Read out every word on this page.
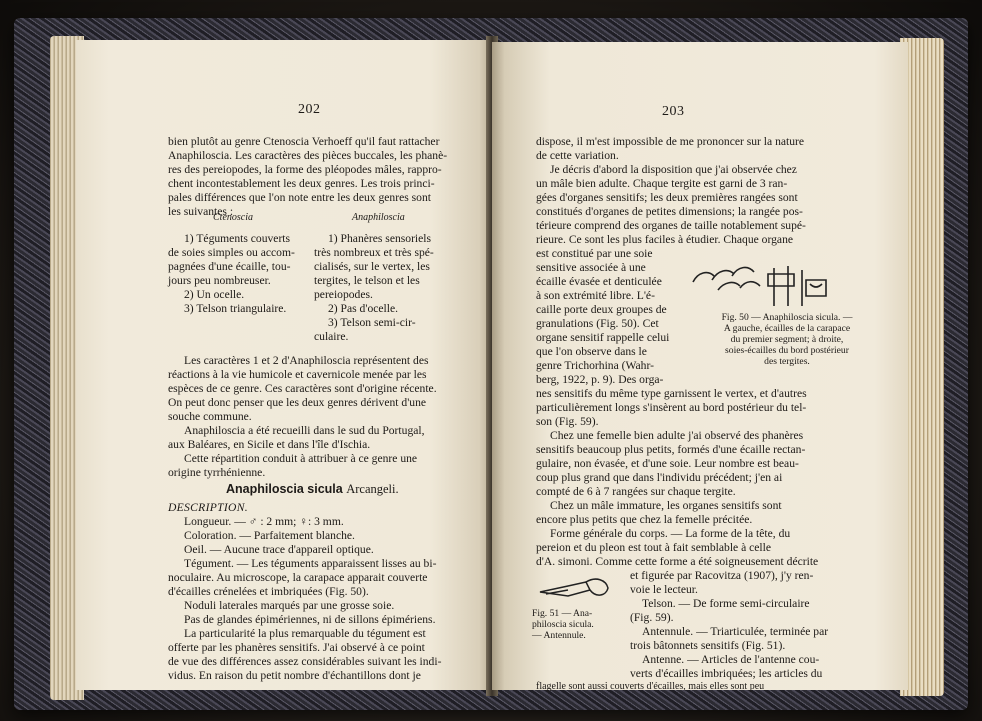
202
bien plutôt au genre Ctenoscia Verhoeff qu'il faut rattacher
Anaphiloscia. Les caractères des pièces buccales, les phanè-
res des pereiopodes, la forme des pléopodes mâles, rappro-
chent incontestablement les deux genres. Les trois princi-
pales différences que l'on note entre les deux genres sont
les suivantes :
Ctenoscia	Anaphiloscia
1) Téguments couverts
de soies simples ou accom-
pagnées d'une écaille, tou-
jours peu nombreuser.
2) Un ocelle.
3) Telson triangulaire.
1) Phanères sensoriels
très nombreux et très spé-
cialisés, sur le vertex, les
tergites, le telson et les
pereiopodes.
2) Pas d'ocelle.
3) Telson semi-cir-
culaire.
Les caractères 1 et 2 d'Anaphiloscia représentent des
réactions à la vie humicole et cavernicole menée par les
espèces de ce genre. Ces caractères sont d'origine récente.
On peut donc penser que les deux genres dérivent d'une
souche commune.
Anaphiloscia a été recueilli dans le sud du Portugal,
aux Baléares, en Sicile et dans l'île d'Ischia.
Cette répartition conduit à attribuer à ce genre une
origine tyrrhénienne.
Anaphiloscia sicula Arcangeli.
DESCRIPTION.
Longueur. — ♂ : 2 mm; ♀: 3 mm.
Coloration. — Parfaitement blanche.
Oeil. — Aucune trace d'appareil optique.
Tégument. — Les téguments apparaissent lisses au bi-
noculaire. Au microscope, la carapace apparait couverte
d'écailles crénelées et imbriquées (Fig. 50).
Noduli laterales marqués par une grosse soie.
Pas de glandes épimériennes, ni de sillons épimériens.
La particularité la plus remarquable du tégument est
offerte par les phanères sensitifs. J'ai observé à ce point
de vue des différences assez considérables suivant les indi-
vidus. En raison du petit nombre d'échantillons dont je
203
dispose, il m'est impossible de me prononcer sur la nature
de cette variation.
Je décris d'abord la disposition que j'ai observée chez
un mâle bien adulte. Chaque tergite est garni de 3 ran-
gées d'organes sensitifs; les deux premières rangées sont
constitués d'organes de petites dimensions; la rangée pos-
térieure comprend des organes de taille notablement supé-
rieure. Ce sont les plus faciles à étudier. Chaque organe
est constitué par une soie
sensitive associée à une
écaille évasée et denticulée
à son extrémité libre. L'é-
caille porte deux groupes de
granulations (Fig. 50). Cet
organe sensitif rappelle celui
que l'on observe dans le
genre Trichorhina (Wahr-
berg, 1922, p. 9). Des orga-
Fig. 50 — Anaphiloscia sicula. —
A gauche, écailles de la carapace
du premier segment; à droite,
soies-écailles du bord postérieur
des tergites.
nes sensitifs du même type garnissent le vertex, et d'autres
particulièrement longs s'insèrent au bord postérieur du tel-
son (Fig. 59).
Chez une femelle bien adulte j'ai observé des phanères
sensitifs beaucoup plus petits, formés d'une écaille rectan-
gulaire, non évasée, et d'une soie. Leur nombre est beau-
coup plus grand que dans l'individu précédent; j'en ai
compté de 6 à 7 rangées sur chaque tergite.
Chez un mâle immature, les organes sensitifs sont
encore plus petits que chez la femelle précitée.
Forme générale du corps. — La forme de la tête, du
pereion et du pleon est tout à fait semblable à celle
d'A. simoni. Comme cette forme a été soigneusement décrite
et figurée par Racovitza (1907), j'y ren-
Fig. 51 — Ana-
philoscia sicula.
— Antennule.
voie le lecteur.
Telson. — De forme semi-circulaire
(Fig. 59).
Antennule. — Triarticulée, terminée par
trois bâtonnets sensitifs (Fig. 51).
Antenne. — Articles de l'antenne cou-
verts d'écailles imbriquées; les articles du
flagelle sont aussi couverts d'écailles, mais elles sont peu
